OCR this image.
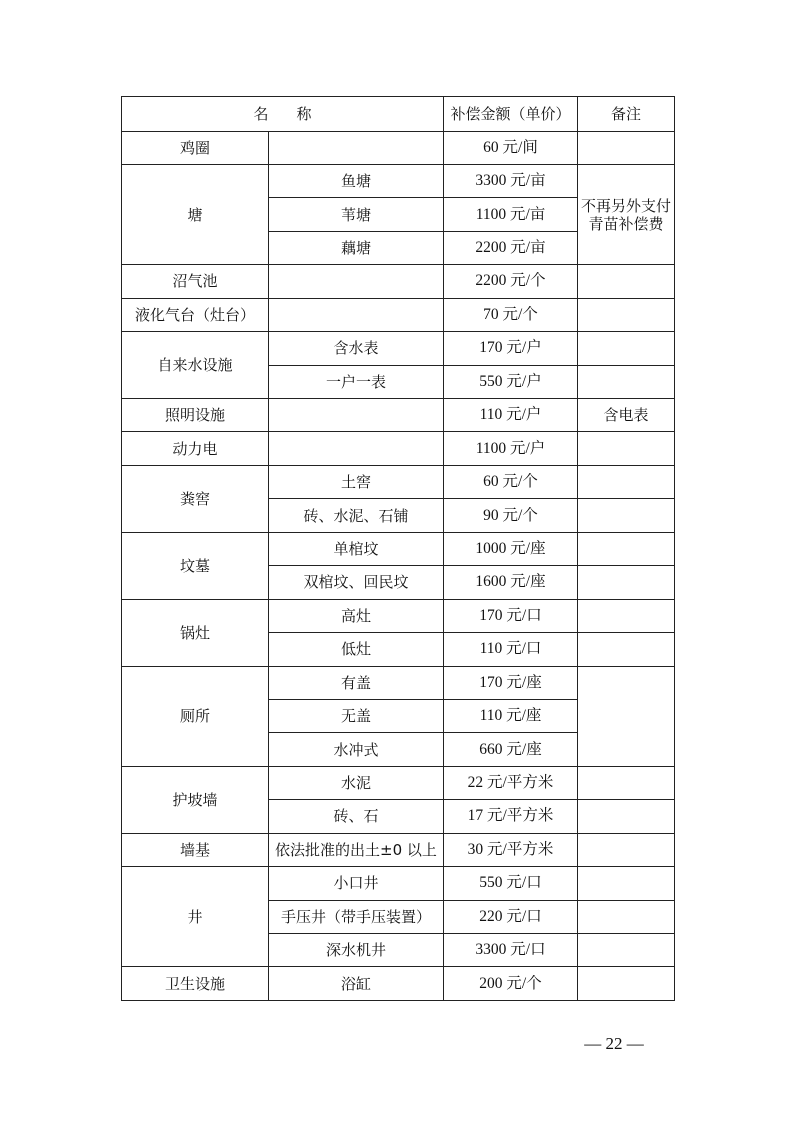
名 称		补偿金额（单价）	备注
鸡圈		60 元/间	
塘	鱼塘	3300 元/亩	不再另外支付青苗补偿费
	苇塘	1100 元/亩	
	藕塘	2200 元/亩	
沼气池		2200 元/个	
液化气台（灶台）		70 元/个	
自来水设施	含水表	170 元/户	
	一户一表	550 元/户	
照明设施		110 元/户	含电表
动力电		1100 元/户	
粪窖	土窖	60 元/个	
	砖、水泥、石铺	90 元/个	
坟墓	单棺坟	1000 元/座	
	双棺坟、回民坟	1600 元/座	
锅灶	高灶	170 元/口	
	低灶	110 元/口	
厕所	有盖	170 元/座	
	无盖	110 元/座	
	水冲式	660 元/座	
护坡墙	水泥	22 元/平方米	
	砖、石	17 元/平方米	
墙基	依法批准的出土±0 以上	30 元/平方米	
井	小口井	550 元/口	
	手压井（带手压装置）	220 元/口	
	深水机井	3300 元/口	
卫生设施	浴缸	200 元/个	
— 22 —
